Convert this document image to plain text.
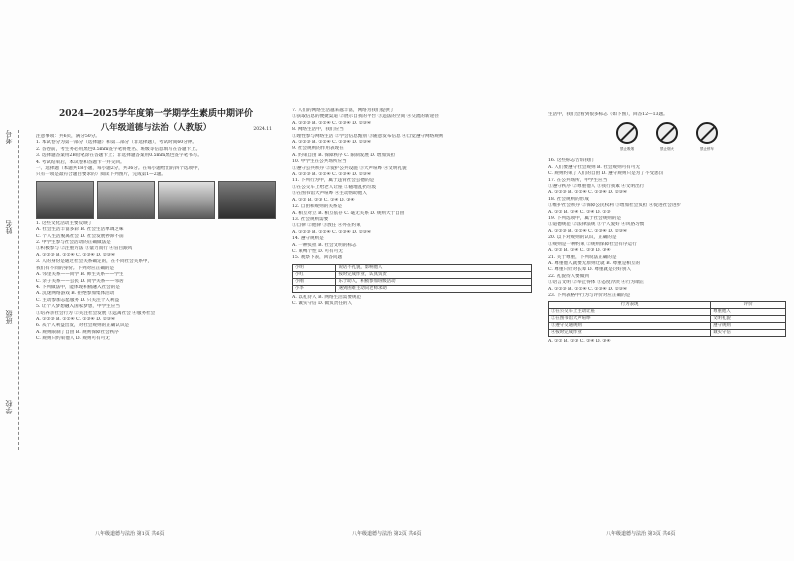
考号
姓名
班级
学校
2024—2025学年度第一学期学生素质中期评价
八年级道德与法治（人教版）	2024.11
注意事项：共6页，满分50分。
1. 本试卷分为第一部分（选择题）和第二部分（非选择题），考试时间60分钟。
2. 答卷前，考生务必用黑色0.5mm签字笔将姓名、班级等信息填写在答题卡上。
3. 选择题答案用2B铅笔涂在答题卡上；非选择题答案用0.5mm黑色签字笔书写。
4. 考试结束后，本试卷和答题卡一并交回。
一、选择题（本题共18小题，每小题2分，共36分。在每小题给出的四个选项中，
只有一项是最符合题目要求的）阅读下列图片，完成第1—2题。
1. 这些文化活动主要反映了
A. 社会生活丰富多彩 B. 社会生活单调乏味
C. 个人生活脱离社会 D. 社会发展停滞不前
2. 中学生参与社会活动的正确做法是
①积极参与 ②注重方法 ③量力而行 ④盲目跟风
A. ①②③ B. ①②④ C. ①③④ D. ②③④
3. 人的身份是通过社会关系确定的，在不同社会关系中，
我们有不同的身份。下列对应正确的是
A. 邻里关系——同学 B. 师生关系——学生
C. 亲子关系——公民 D. 同学关系——邻居
4. 下列做法中，能体现积极融入社会的是
A. 沉迷网络游戏 B. 拒绝参加集体活动
C. 主动参加志愿服务 D. 只关注个人利益
5. 让个人梦想融入国家梦想，中学生应当
①培养亲社会行为 ②关注社会发展 ③远离社会 ④服务社会
A. ①②③ B. ①②④ C. ①③④ D. ②③④
6. 从个人利益出发，对社会规则的正确认识是
A. 规则限制了自由 B. 规则保障社会秩序
C. 规则只约束他人 D. 规则可有可无
八年级道德与法治 第1页 共6页
7. 人们的网络生活越来越丰富，网络为我们提供了
①获取信息的便捷渠道 ②展示自我的平台 ③违法的空间 ④交流的新途径
A. ①②③ B. ①②④ C. ①③④ D. ②③④
8. 网络生活中，我们应当
①理性参与网络生活 ②学会信息甄别 ③随意发布信息 ④自觉遵守网络规则
A. ①②③ B. ①②④ C. ①③④ D. ②③④
9. 社会规则的作用表现在
A. 约束自由 B. 保障秩序 C. 限制发展 D. 增加负担
10. 中学生在公共场所应当
①遵守公共秩序 ②爱护公共设施 ③大声喧哗 ④文明礼貌
A. ①②③ B. ①②④ C. ①③④ D. ②③④
11. 下列行为中，属于违背社会公德的是
①在公交车上给老人让座 ②随地乱扔垃圾
③在图书馆大声喧哗 ④主动帮助他人
A. ①② B. ②③ C. ①④ D. ③④
12. 自由和规则的关系是
A. 相互对立 B. 相互依存 C. 毫无关系 D. 规则大于自由
13. 社会规则需要
①自律 ②他律 ③放任 ④外在约束
A. ①②③ B. ①②④ C. ①③④ D. ②③④
14. 遵守规则是
A. 一种负担 B. 社会文明的标志
C. 束缚个性 D. 可有可无
15. 观察下表，回答问题
小明	说话不礼貌，影响他人
小红	按时完成作业，认真负责
小刚	乐于助人，积极参加班级活动
小李	遇到困难主动向老师求助
A. 以礼待人 B. 网络生活需要规范
C. 诚实守信 D. 做负责任的人
八年级道德与法治 第2页 共6页
生活中，我们会看到很多标志（如下图），回答12—13题。
禁止吸烟	禁止烟火	禁止停车
16. 这些标志告诉我们
A. 人们要遵守社会规则 B. 社会规则可有可无
C. 规则约束了人们的自由 D. 遵守规则只是为了不受惩罚
17. 在公共场所，中学生应当
①遵守秩序 ②尊重他人 ③我行我素 ④文明出行
A. ①②③ B. ①②④ C. ①③④ D. ②③④
18. 社会规则的形成
①维护社会秩序 ②保障公民权利 ③增加社会负担 ④促进社会进步
A. ①② B. ①④ C. ②④ D. ①③
19. 下列选项中，属于社会规则的是
①道德规范 ②法律法规 ③个人爱好 ④风俗习惯
A. ①②③ B. ①②④ C. ①③④ D. ②③④
20. 以下对规则的认识，正确的是
①规则是一种约束 ②规则保障社会有序运行
A. ①② B. ①④ C. ②③ D. ③④
21. 关于尊重，下列说法正确的是
A. 尊重他人就要无原则迁就 B. 尊重是相互的
C. 尊重只针对长辈 D. 尊重就是讨好别人
22. 礼貌待人要做到
①语言文明 ②举止得体 ③态度冷淡 ④行为端正
A. ①②③ B. ①②④ C. ①③④ D. ②③④
23. 下列表格中行为与评价对应正确的是
行为表现	评价
①在公交车上主动让座	尊重他人
②在图书馆大声喧哗	文明礼貌
③遵守交通规则	遵守规则
④按时完成作业	诚实守信
A. ①② B. ①③ C. ②④ D. ③④
八年级道德与法治 第3页 共6页
